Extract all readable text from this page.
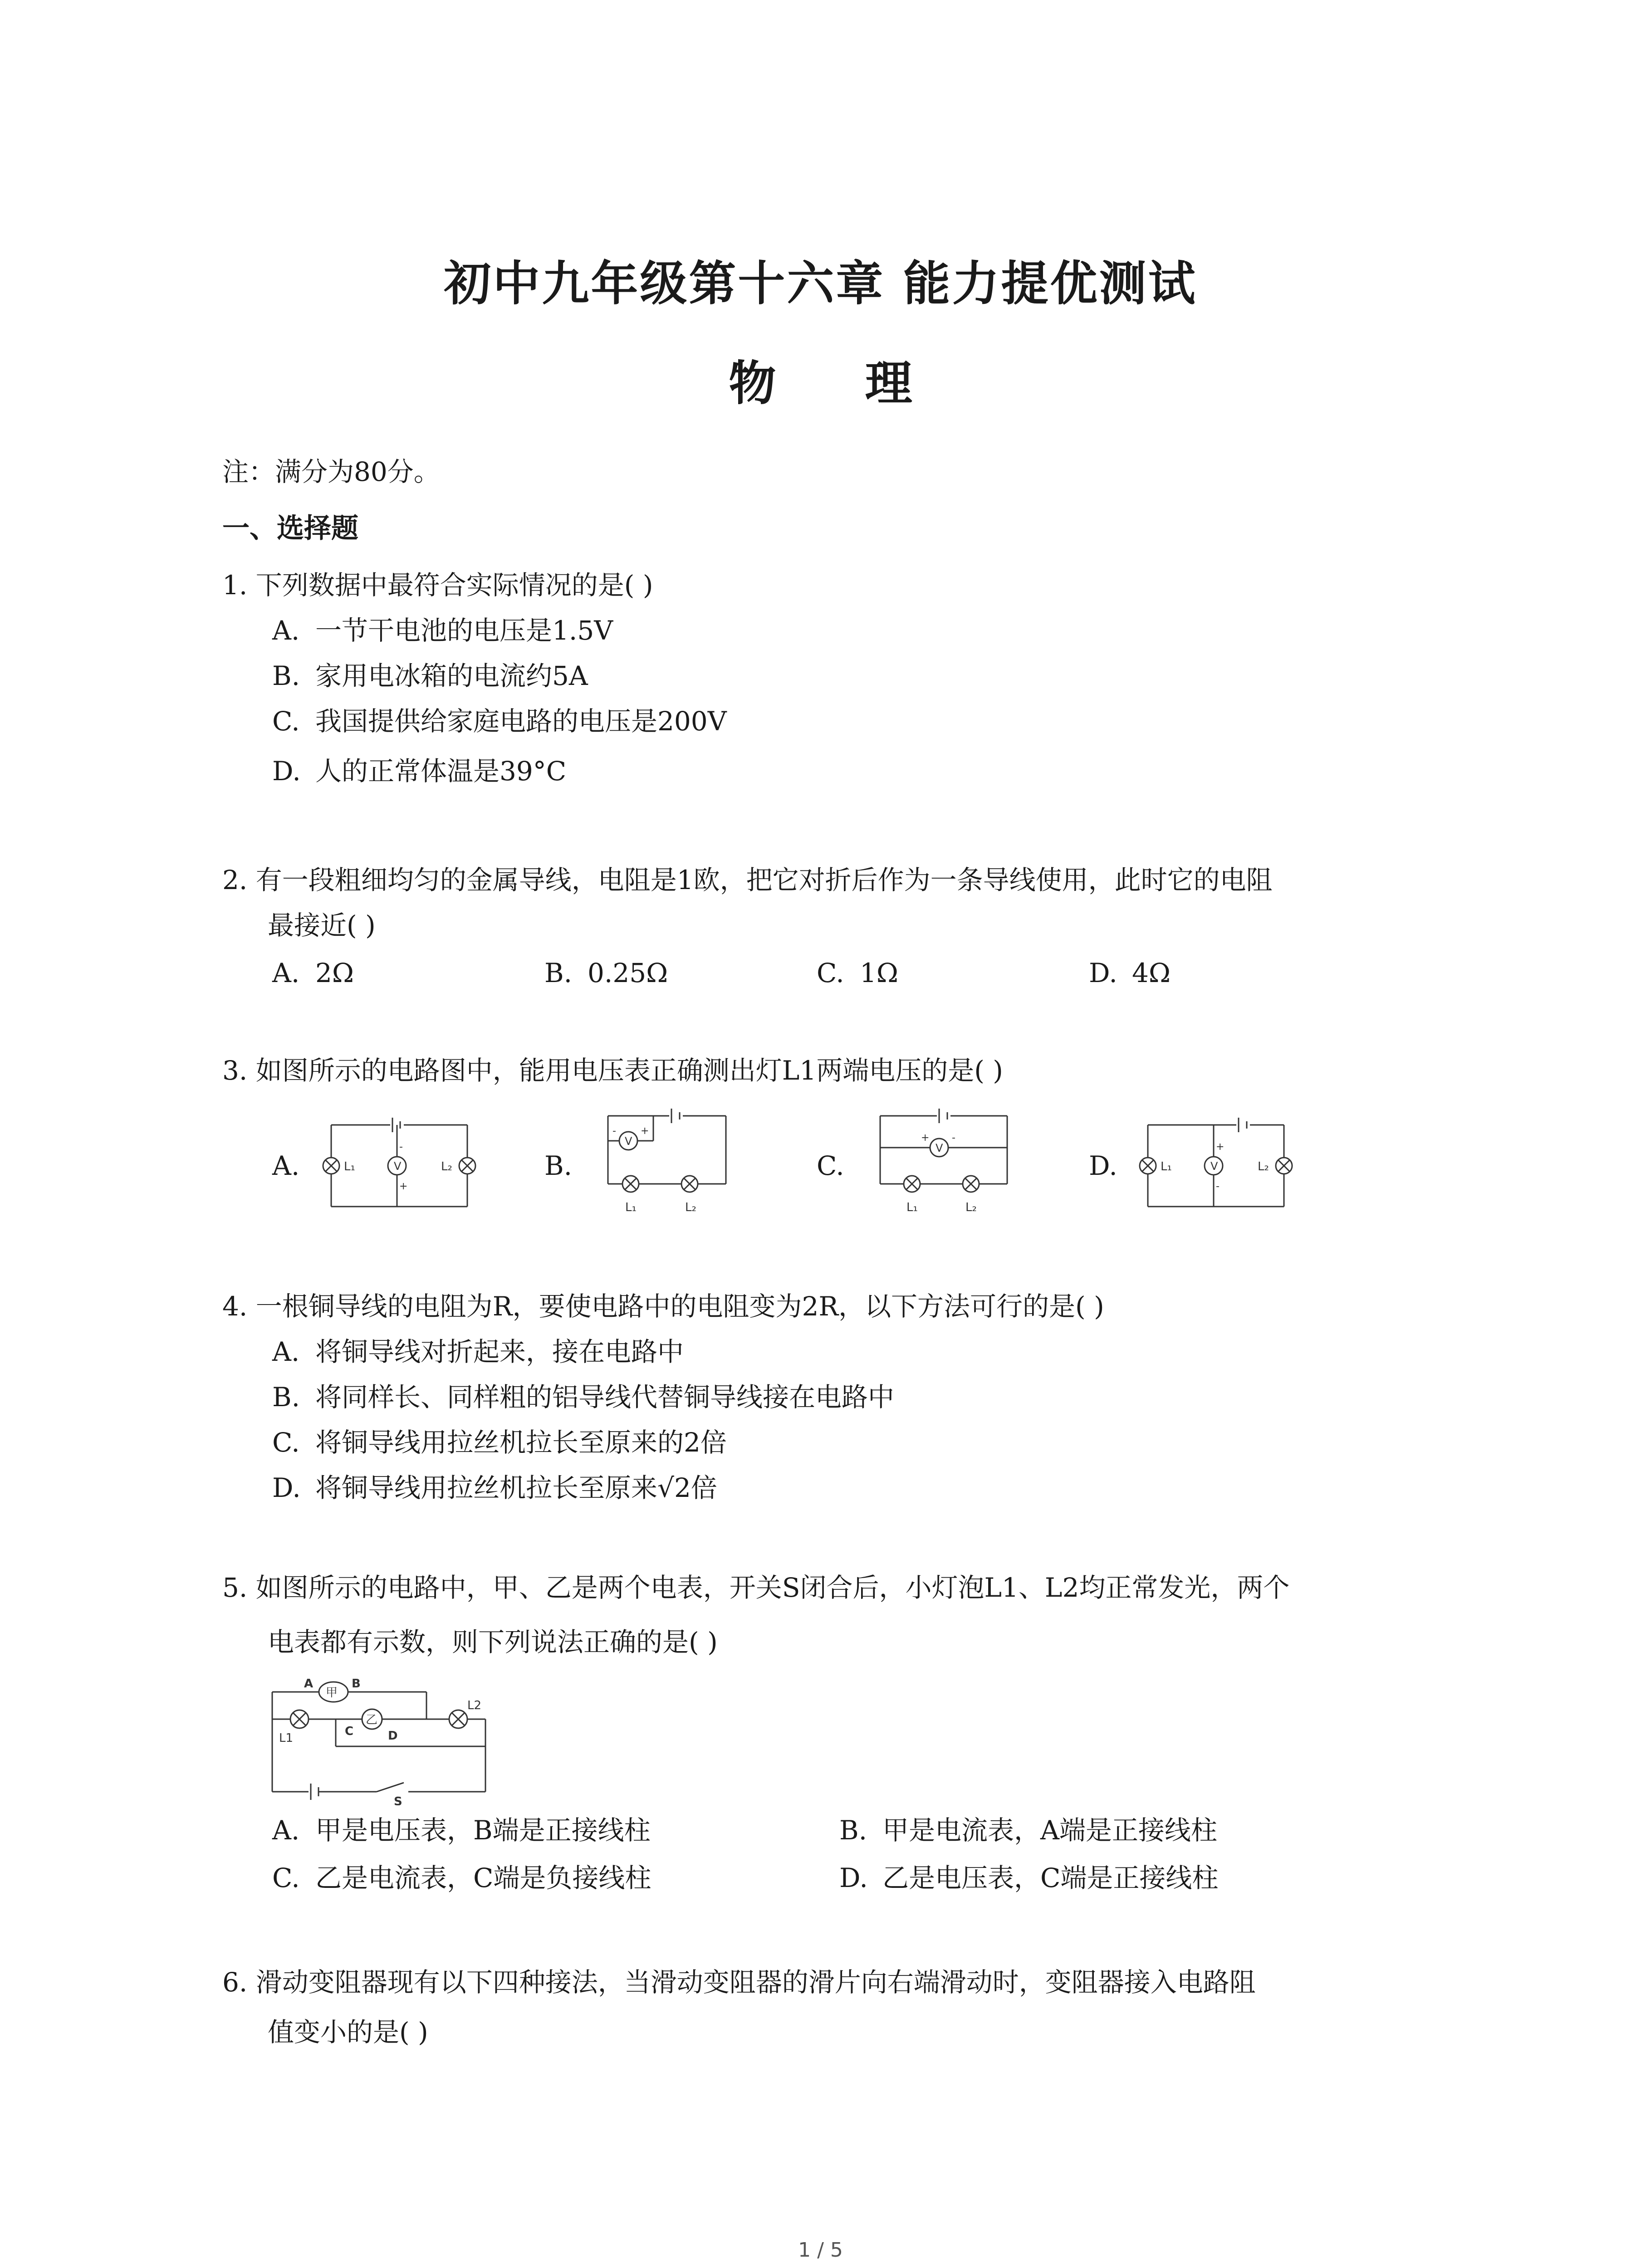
初中九年级第十六章 能力提优测试
物 理
注：满分为80分。
一、选择题
1. 下列数据中最符合实际情况的是( )
A. 一节干电池的电压是1.5V
B. 家用电冰箱的电流约5A
C. 我国提供给家庭电路的电压是200V
D. 人的正常体温是39°C
2. 有一段粗细均匀的金属导线，电阻是1欧，把它对折后作为一条导线使用，此时它的电阻
最接近( )
A. 2Ω	B. 0.25Ω	C. 1Ω	D. 4Ω
3. 如图所示的电路图中，能用电压表正确测出灯L1两端电压的是( )
A.	B.	C.	D.
V
L₁	L₂
-
+
V
- +
L₁	L₂
V
+ -
L₁	L₂
V
L₁	L₂
+
-
4. 一根铜导线的电阻为R，要使电路中的电阻变为2R，以下方法可行的是( )
A. 将铜导线对折起来，接在电路中
B. 将同样长、同样粗的铝导线代替铜导线接在电路中
C. 将铜导线用拉丝机拉长至原来的2倍
D. 将铜导线用拉丝机拉长至原来√2倍
5. 如图所示的电路中，甲、乙是两个电表，开关S闭合后，小灯泡L1、L2均正常发光，两个
电表都有示数，则下列说法正确的是( )
甲
A	B
L1
乙
C	D
L2
S
A. 甲是电压表，B端是正接线柱	B. 甲是电流表，A端是正接线柱
C. 乙是电流表，C端是负接线柱	D. 乙是电压表，C端是正接线柱
6. 滑动变阻器现有以下四种接法，当滑动变阻器的滑片向右端滑动时，变阻器接入电路阻
值变小的是( )
1 / 5
